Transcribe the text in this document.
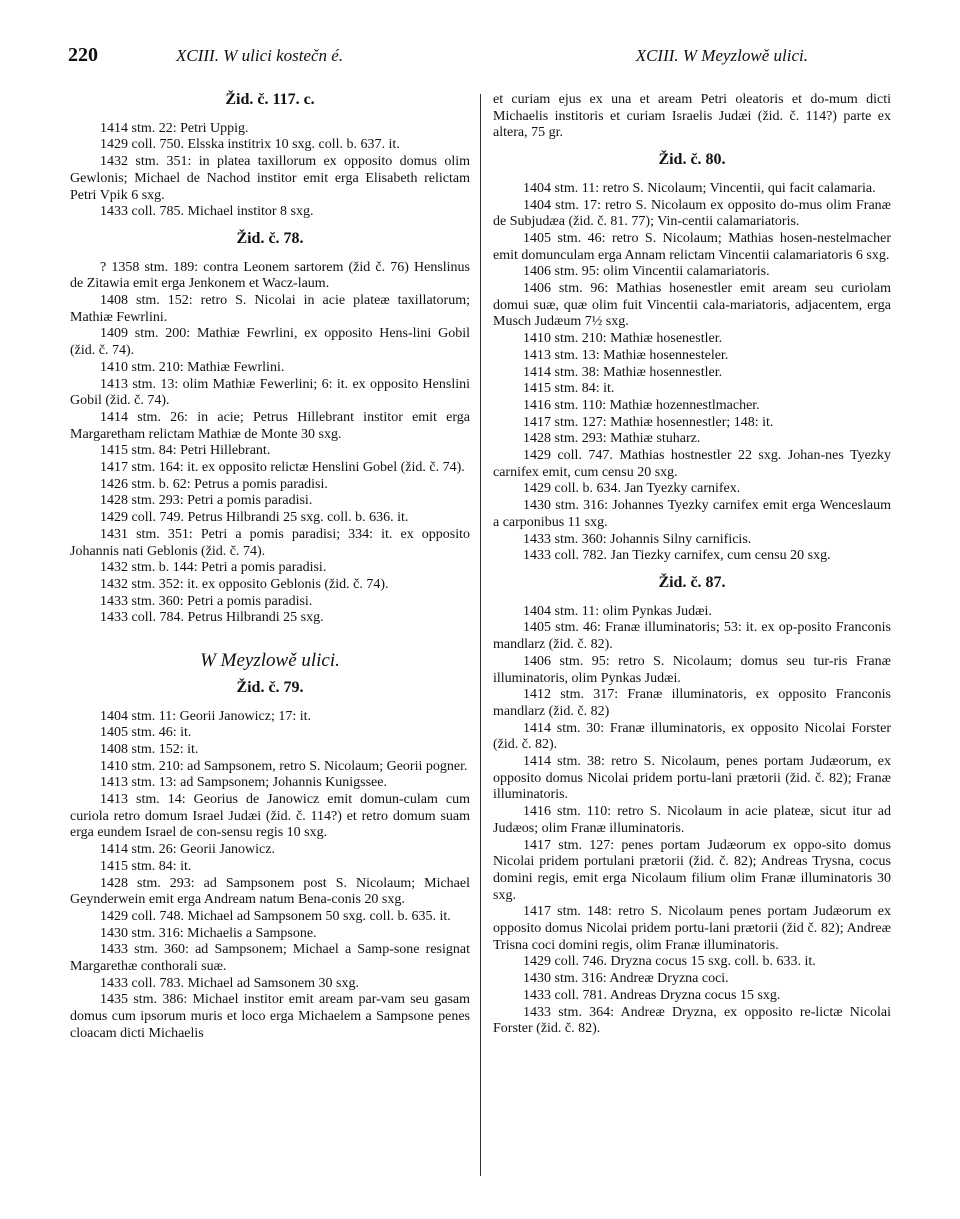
220	XCIII. W ulici kostečn é.	XCIII. W Meyzlowě ulici.
Žid. č. 117. c.

1414 stm. 22: Petri Uppig.

1429 coll. 750. Elsska institrix 10 sxg. coll. b. 637. it.

1432 stm. 351: in platea taxillorum ex opposito domus olim Gewlonis; Michael de Nachod institor emit erga Elisabeth relictam Petri Vpik 6 sxg.

1433 coll. 785. Michael institor 8 sxg.

Žid. č. 78.

? 1358 stm. 189: contra Leonem sartorem (žid č. 76) Henslinus de Zitawia emit erga Jenkonem et Wacz-laum.

1408 stm. 152: retro S. Nicolai in acie plateæ taxillatorum; Mathiæ Fewrlini.

1409 stm. 200: Mathiæ Fewrlini, ex opposito Hens-lini Gobil (žid. č. 74).

1410 stm. 210: Mathiæ Fewrlini.

1413 stm. 13: olim Mathiæ Fewerlini; 6: it. ex opposito Henslini Gobil (žid. č. 74).

1414 stm. 26: in acie; Petrus Hillebrant institor emit erga Margaretham relictam Mathiæ de Monte 30 sxg.

1415 stm. 84: Petri Hillebrant.

1417 stm. 164: it. ex opposito relictæ Henslini Gobel (žid. č. 74).

1426 stm. b. 62: Petrus a pomis paradisi.

1428 stm. 293: Petri a pomis paradisi.

1429 coll. 749. Petrus Hilbrandi 25 sxg. coll. b. 636. it.

1431 stm. 351: Petri a pomis paradisi; 334: it. ex opposito Johannis nati Geblonis (žid. č. 74).

1432 stm. b. 144: Petri a pomis paradisi.

1432 stm. 352: it. ex opposito Geblonis (žid. č. 74).

1433 stm. 360: Petri a pomis paradisi.

1433 coll. 784. Petrus Hilbrandi 25 sxg.

W Meyzlowě ulici.
Žid. č. 79.

1404 stm. 11: Georii Janowicz; 17: it.

1405 stm. 46: it.

1408 stm. 152: it.

1410 stm. 210: ad Sampsonem, retro S. Nicolaum; Georii pogner.

1413 stm. 13: ad Sampsonem; Johannis Kunigssee.

1413 stm. 14: Georius de Janowicz emit domun-culam cum curiola retro domum Israel Judæi (žid. č. 114?) et retro domum suam erga eundem Israel de con-sensu regis 10 sxg.

1414 stm. 26: Georii Janowicz.

1415 stm. 84: it.

1428 stm. 293: ad Sampsonem post S. Nicolaum; Michael Geynderwein emit erga Andream natum Bena-conis 20 sxg.

1429 coll. 748. Michael ad Sampsonem 50 sxg. coll. b. 635. it.

1430 stm. 316: Michaelis a Sampsone.

1433 stm. 360: ad Sampsonem; Michael a Samp-sone resignat Margarethæ conthorali suæ.

1433 coll. 783. Michael ad Samsonem 30 sxg.

1435 stm. 386: Michael institor emit aream par-vam seu gasam domus cum ipsorum muris et loco erga Michaelem a Sampsone penes cloacam dicti Michaelis

et curiam ejus ex una et aream Petri oleatoris et do-mum dicti Michaelis institoris et curiam Israelis Judæi (žid. č. 114?) parte ex altera, 75 gr.

Žid. č. 80.

1404 stm. 11: retro S. Nicolaum; Vincentii, qui facit calamaria.

1404 stm. 17: retro S. Nicolaum ex opposito do-mus olim Franæ de Subjudæa (žid. č. 81. 77); Vin-centii calamariatoris.

1405 stm. 46: retro S. Nicolaum; Mathias hosen-nestelmacher emit domunculam erga Annam relictam Vincentii calamariatoris 6 sxg.

1406 stm. 95: olim Vincentii calamariatoris.

1406 stm. 96: Mathias hosenestler emit aream seu curiolam domui suæ, quæ olim fuit Vincentii cala-mariatoris, adjacentem, erga Musch Judæum 7½ sxg.

1410 stm. 210: Mathiæ hosenestler.

1413 stm. 13: Mathiæ hosennesteler.

1414 stm. 38: Mathiæ hosennestler.

1415 stm. 84: it.

1416 stm. 110: Mathiæ hozennestlmacher.

1417 stm. 127: Mathiæ hosennestler; 148: it.

1428 stm. 293: Mathiæ stuharz.

1429 coll. 747. Mathias hostnestler 22 sxg. Johan-nes Tyezky carnifex emit, cum censu 20 sxg.

1429 coll. b. 634. Jan Tyezky carnifex.

1430 stm. 316: Johannes Tyezky carnifex emit erga Wenceslaum a carponibus 11 sxg.

1433 stm. 360: Johannis Silny carnificis.

1433 coll. 782. Jan Tiezky carnifex, cum censu 20 sxg.

Žid. č. 87.

1404 stm. 11: olim Pynkas Judæi.

1405 stm. 46: Franæ illuminatoris; 53: it. ex op-posito Franconis mandlarz (žid. č. 82).

1406 stm. 95: retro S. Nicolaum; domus seu tur-ris Franæ illuminatoris, olim Pynkas Judæi.

1412 stm. 317: Franæ illuminatoris, ex opposito Franconis mandlarz (žid. č. 82)

1414 stm. 30: Franæ illuminatoris, ex opposito Nicolai Forster (žid. č. 82).

1414 stm. 38: retro S. Nicolaum, penes portam Judæorum, ex opposito domus Nicolai pridem portu-lani prætorii (žid. č. 82); Franæ illuminatoris.

1416 stm. 110: retro S. Nicolaum in acie plateæ, sicut itur ad Judæos; olim Franæ illuminatoris.

1417 stm. 127: penes portam Judæorum ex oppo-sito domus Nicolai pridem portulani prætorii (žid. č. 82); Andreas Trysna, cocus domini regis, emit erga Nicolaum filium olim Franæ illuminatoris 30 sxg.

1417 stm. 148: retro S. Nicolaum penes portam Judæorum ex opposito domus Nicolai pridem portu-lani prætorii (žid č. 82); Andreæ Trisna coci domini regis, olim Franæ illuminatoris.

1429 coll. 746. Dryzna cocus 15 sxg. coll. b. 633. it.

1430 stm. 316: Andreæ Dryzna coci.

1433 coll. 781. Andreas Dryzna cocus 15 sxg.

1433 stm. 364: Andreæ Dryzna, ex opposito re-lictæ Nicolai Forster (žid. č. 82).
